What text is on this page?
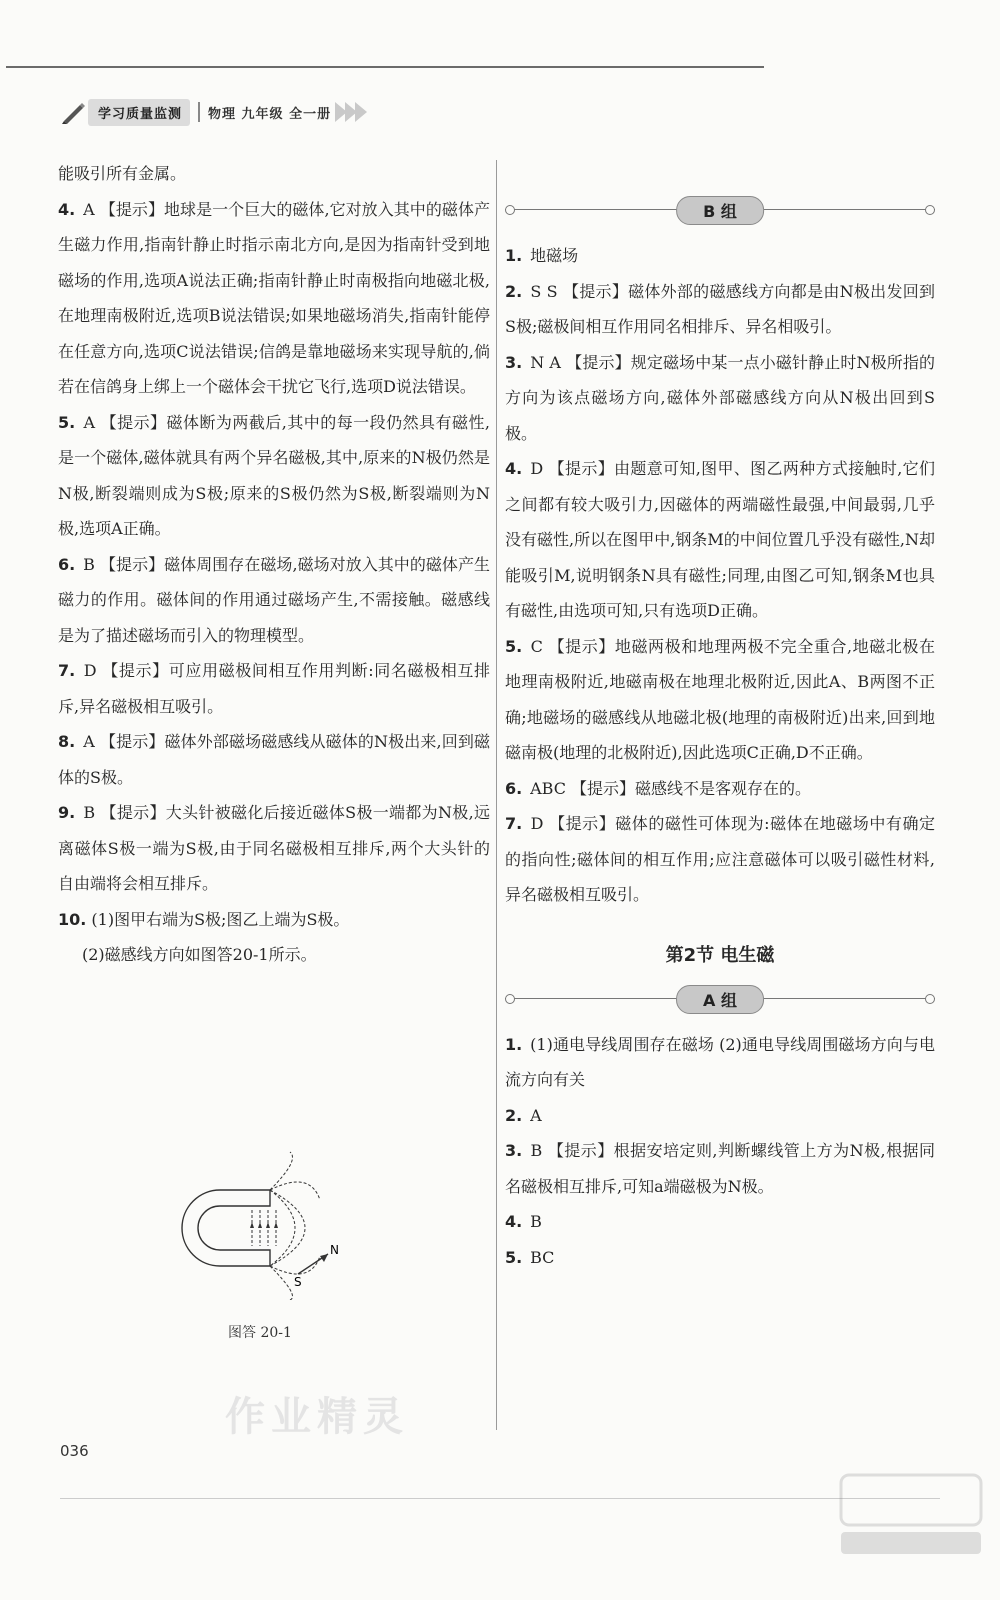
学习质量监测	物理 九年级 全一册
能吸引所有金属。
4. A 【提示】地球是一个巨大的磁体,它对放入其中的磁体产生磁力作用,指南针静止时指示南北方向,是因为指南针受到地磁场的作用,选项A说法正确;指南针静止时南极指向地磁北极,在地理南极附近,选项B说法错误;如果地磁场消失,指南针能停在任意方向,选项C说法错误;信鸽是靠地磁场来实现导航的,倘若在信鸽身上绑上一个磁体会干扰它飞行,选项D说法错误。
5. A 【提示】磁体断为两截后,其中的每一段仍然具有磁性,是一个磁体,磁体就具有两个异名磁极,其中,原来的N极仍然是N极,断裂端则成为S极;原来的S极仍然为S极,断裂端则为N极,选项A正确。
6. B 【提示】磁体周围存在磁场,磁场对放入其中的磁体产生磁力的作用。磁体间的作用通过磁场产生,不需接触。磁感线是为了描述磁场而引入的物理模型。
7. D 【提示】可应用磁极间相互作用判断:同名磁极相互排斥,异名磁极相互吸引。
8. A 【提示】磁体外部磁场磁感线从磁体的N极出来,回到磁体的S极。
9. B 【提示】大头针被磁化后接近磁体S极一端都为N极,远离磁体S极一端为S极,由于同名磁极相互排斥,两个大头针的自由端将会相互排斥。
10. (1)图甲右端为S极;图乙上端为S极。
(2)磁感线方向如图答20-1所示。
B 组
1. 地磁场
2. S S 【提示】磁体外部的磁感线方向都是由N极出发回到S极;磁极间相互作用同名相排斥、异名相吸引。
3. N A 【提示】规定磁场中某一点小磁针静止时N极所指的方向为该点磁场方向,磁体外部磁感线方向从N极出回到S极。
4. D 【提示】由题意可知,图甲、图乙两种方式接触时,它们之间都有较大吸引力,因磁体的两端磁性最强,中间最弱,几乎没有磁性,所以在图甲中,钢条M的中间位置几乎没有磁性,N却能吸引M,说明钢条N具有磁性;同理,由图乙可知,钢条M也具有磁性,由选项可知,只有选项D正确。
5. C 【提示】地磁两极和地理两极不完全重合,地磁北极在地理南极附近,地磁南极在地理北极附近,因此A、B两图不正确;地磁场的磁感线从地磁北极(地理的南极附近)出来,回到地磁南极(地理的北极附近),因此选项C正确,D不正确。
6. ABC 【提示】磁感线不是客观存在的。
7. D 【提示】磁体的磁性可体现为:磁体在地磁场中有确定的指向性;磁体间的相互作用;应注意磁体可以吸引磁性材料,异名磁极相互吸引。
第2节 电生磁
A 组
1. (1)通电导线周围存在磁场 (2)通电导线周围磁场方向与电流方向有关
2. A
3. B 【提示】根据安培定则,判断螺线管上方为N极,根据同名磁极相互排斥,可知a端磁极为N极。
4. B
5. BC
N
S
图答 20-1
作业精灵
036
